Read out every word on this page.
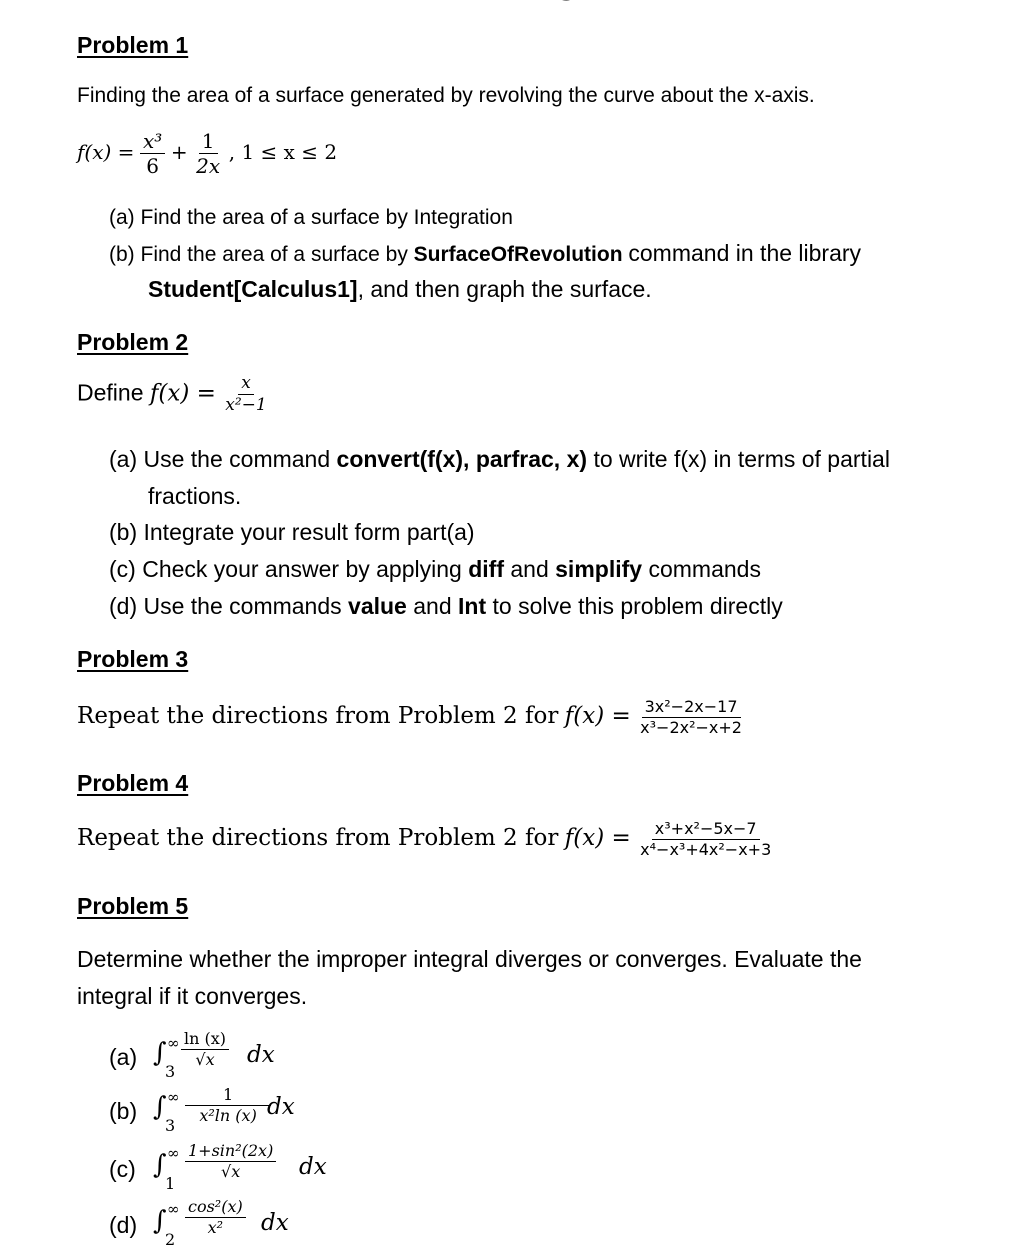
Problem 1
Finding the area of a surface generated by revolving the curve about the x-axis.
$f(x) = \frac{\text{x³}}{6} + \frac{1}{2x}$ , 1 ≤ x ≤ 2
(a) Find the area of a surface by Integration
(b) Find the area of a surface by SurfaceOfRevolution command in the library
Student[Calculus1], and then graph the surface.
Problem 2
Define $f(x) = \frac{x}{\text{x²−1}}$
(a) Use the command convert(f(x), parfrac, x) to write f(x) in terms of partial
fractions.
(b) Integrate your result form part(a)
(c) Check your answer by applying diff and simplify commands
(d) Use the commands value and Int to solve this problem directly
Problem 3
Repeat the directions from Problem 2 for $f(x) = \frac{\text{3x²−2x−17}}{\text{x³−2x²−x+2}}$
Problem 4
Repeat the directions from Problem 2 for $f(x) = \frac{\text{x³+x²−5x−7}}{\text{x⁴−x³+4x²−x+3}}$
Problem 5
Determine whether the improper integral diverges or converges. Evaluate the
integral if it converges.
(a) ∫ ∞
3
$\frac{\ln (x)}{√x}$ dx
(b) ∫ ∞
3
$\frac{1}{\text{x²ln (x)}}$
dx
(c) ∫ ∞
1
$\frac{\text{1+sin²(2x)}}{√x}$ dx
(d) ∫ ∞
2
$\frac{\text{cos²(x)}}{\text{x²}}$ dx
